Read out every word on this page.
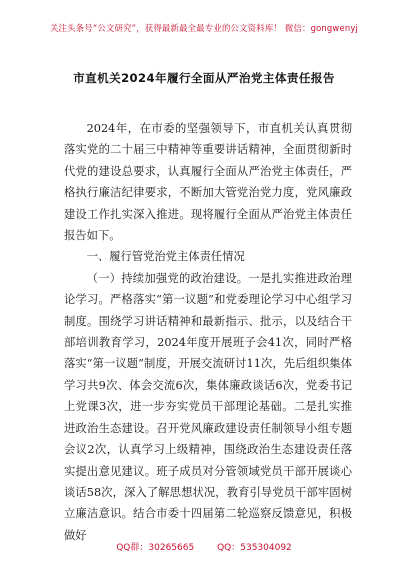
关注头条号“公文研究”，获得最新最全最专业的公文资料库！ 微信：gongwenyj
市直机关2024年履行全面从严治党主体责任报告

2024年，在市委的坚强领导下，市直机关认真贯彻落实党的二十届三中精神等重要讲话精神，全面贯彻新时代党的建设总要求，认真履行全面从严治党主体责任，严格执行廉洁纪律要求，不断加大管党治党力度，党风廉政建设工作扎实深入推进。现将履行全面从严治党主体责任报告如下。

一、履行管党治党主体责任情况

（一）持续加强党的政治建设。一是扎实推进政治理论学习。严格落实“第一议题”和党委理论学习中心组学习制度。围绕学习讲话精神和最新指示、批示，以及结合干部培训教育学习，2024年度开展班子会41次，同时严格落实“第一议题”制度，开展交流研讨11次，先后组织集体学习共9次、体会交流6次，集体廉政谈话6次，党委书记上党课3次，进一步夯实党员干部理论基础。二是扎实推进政治生态建设。召开党风廉政建设责任制领导小组专题会议2次，认真学习上级精神，围绕政治生态建设责任落实提出意见建议。班子成员对分管领域党员干部开展谈心谈话58次，深入了解思想状况，教育引导党员干部牢固树立廉洁意识。结合市委十四届第二轮巡察反馈意见，积极做好

QQ群：30265665	QQ：535304092
